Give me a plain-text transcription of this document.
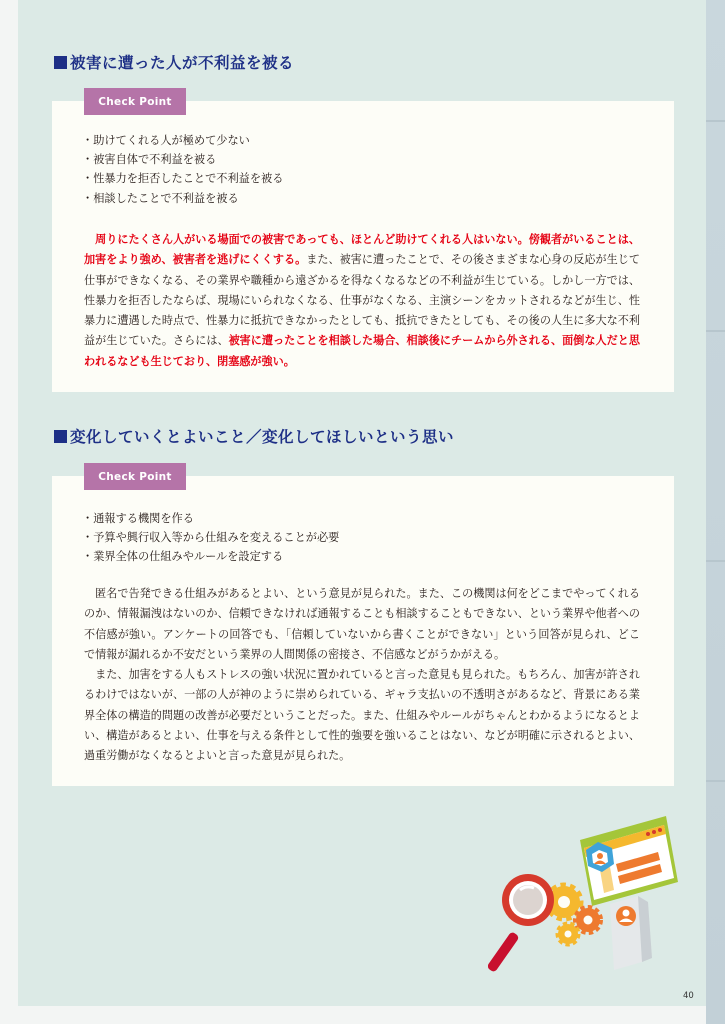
被害に遭った人が不利益を被る
Check Point
・助けてくれる人が極めて少ない
・被害自体で不利益を被る
・性暴力を拒否したことで不利益を被る
・相談したことで不利益を被る

　周りにたくさん人がいる場面での被害であっても、ほとんど助けてくれる人はいない。傍観者がいることは、加害をより強め、被害者を逃げにくくする。また、被害に遭ったことで、その後さまざまな心身の反応が生じて仕事ができなくなる、その業界や職種から遠ざかるを得なくなるなどの不利益が生じている。しかし一方では、性暴力を拒否したならば、現場にいられなくなる、仕事がなくなる、主演シーンをカットされるなどが生じ、性暴力に遭遇した時点で、性暴力に抵抗できなかったとしても、抵抗できたとしても、その後の人生に多大な不利益が生じていた。さらには、被害に遭ったことを相談した場合、相談後にチームから外される、面倒な人だと思われるなども生じており、閉塞感が強い。

変化していくとよいこと／変化してほしいという思い
Check Point
・通報する機関を作る
・予算や興行収入等から仕組みを変えることが必要
・業界全体の仕組みやルールを設定する

　匿名で告発できる仕組みがあるとよい、という意見が見られた。また、この機関は何をどこまでやってくれるのか、情報漏洩はないのか、信頼できなければ通報することも相談することもできない、という業界や他者への不信感が強い。アンケートの回答でも、「信頼していないから書くことができない」という回答が見られ、どこで情報が漏れるか不安だという業界の人間関係の密接さ、不信感などがうかがえる。

　また、加害をする人もストレスの強い状況に置かれていると言った意見も見られた。もちろん、加害が許されるわけではないが、一部の人が神のように崇められている、ギャラ支払いの不透明さがあるなど、背景にある業界全体の構造的問題の改善が必要だということだった。また、仕組みやルールがちゃんとわかるようになるとよい、構造があるとよい、仕事を与える条件として性的強要を強いることはない、などが明確に示されるとよい、過重労働がなくなるとよいと言った意見が見られた。

40
